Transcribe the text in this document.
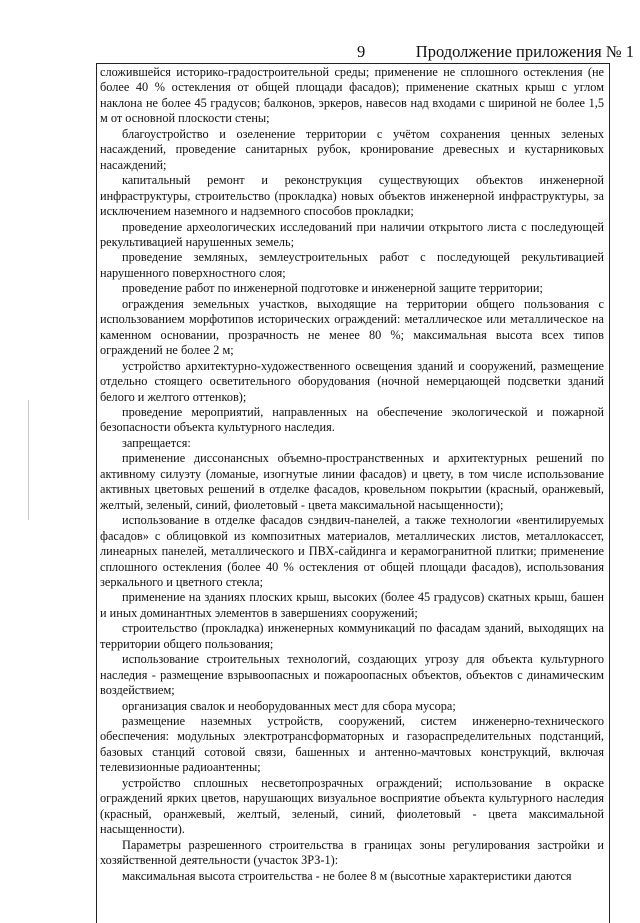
9	Продолжение приложения № 1

сложившейся историко-градостроительной среды; применение не сплошного остекления (не более 40 % остекления от общей площади фасадов); применение скатных крыш с углом наклона не более 45 градусов; балконов, эркеров, навесов над входами с шириной не более 1,5 м от основной плоскости стены;

благоустройство и озеленение территории с учётом сохранения ценных зеленых насаждений, проведение санитарных рубок, кронирование древесных и кустарниковых насаждений;

капитальный ремонт и реконструкция существующих объектов инженерной инфраструктуры, строительство (прокладка) новых объектов инженерной инфраструктуры, за исключением наземного и надземного способов прокладки;

проведение археологических исследований при наличии открытого листа с последующей рекультивацией нарушенных земель;

проведение земляных, землеустроительных работ с последующей рекультивацией нарушенного поверхностного слоя;

проведение работ по инженерной подготовке и инженерной защите территории;

ограждения земельных участков, выходящие на территории общего пользования с использованием морфотипов исторических ограждений: металлическое или металлическое на каменном основании, прозрачность не менее 80 %; максимальная высота всех типов ограждений не более 2 м;

устройство архитектурно-художественного освещения зданий и сооружений, размещение отдельно стоящего осветительного оборудования (ночной немерцающей подсветки зданий белого и желтого оттенков);

проведение мероприятий, направленных на обеспечение экологической и пожарной безопасности объекта культурного наследия.

запрещается:

применение диссонансных объемно-пространственных и архитектурных решений по активному силуэту (ломаные, изогнутые линии фасадов) и цвету, в том числе использование активных цветовых решений в отделке фасадов, кровельном покрытии (красный, оранжевый, желтый, зеленый, синий, фиолетовый - цвета максимальной насыщенности);

использование в отделке фасадов сэндвич-панелей, а также технологии «вентилируемых фасадов» с облицовкой из композитных материалов, металлических листов, металлокассет, линеарных панелей, металлического и ПВХ-сайдинга и керамогранитной плитки; применение сплошного остекления (более 40 % остекления от общей площади фасадов), использования зеркального и цветного стекла;

применение на зданиях плоских крыш, высоких (более 45 градусов) скатных крыш, башен и иных доминантных элементов в завершениях сооружений;

строительство (прокладка) инженерных коммуникаций по фасадам зданий, выходящих на территории общего пользования;

использование строительных технологий, создающих угрозу для объекта культурного наследия - размещение взрывоопасных и пожароопасных объектов, объектов с динамическим воздействием;

организация свалок и необорудованных мест для сбора мусора;

размещение наземных устройств, сооружений, систем инженерно-технического обеспечения: модульных электротрансформаторных и газораспределительных подстанций, базовых станций сотовой связи, башенных и антенно-мачтовых конструкций, включая телевизионные радиоантенны;

устройство сплошных несветопрозрачных ограждений; использование в окраске ограждений ярких цветов, нарушающих визуальное восприятие объекта культурного наследия (красный, оранжевый, желтый, зеленый, синий, фиолетовый - цвета максимальной насыщенности).

Параметры разрешенного строительства в границах зоны регулирования застройки и хозяйственной деятельности (участок ЗРЗ-1):

максимальная высота строительства - не более 8 м (высотные характеристики даются
